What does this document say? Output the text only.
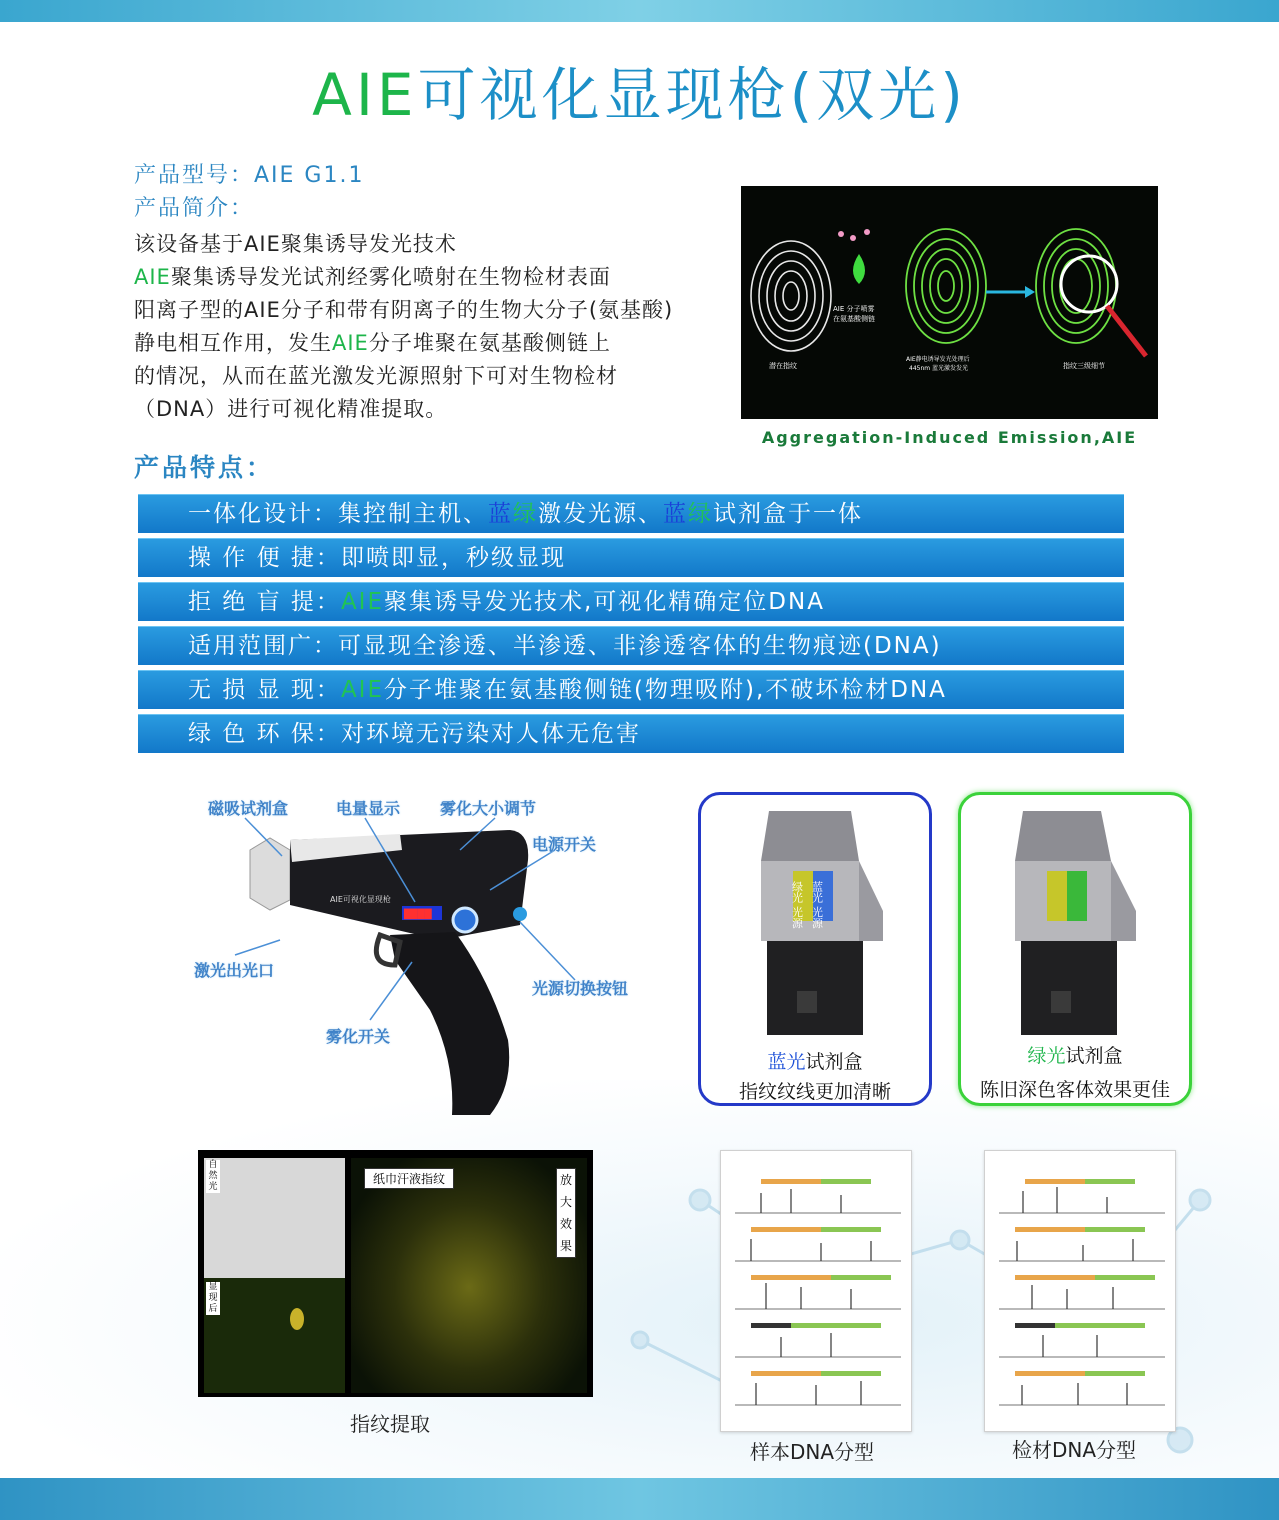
AIE可视化显现枪(双光)
产品型号：AIE G1.1
产品简介：

该设备基于AIE聚集诱导发光技术

AIE聚集诱导发光试剂经雾化喷射在生物检材表面

阳离子型的AIE分子和带有阴离子的生物大分子(氨基酸)

静电相互作用，发生AIE分子堆聚在氨基酸侧链上

的情况，从而在蓝光激发光源照射下可对生物检材

（DNA）进行可视化精准提取。

AIE 分子喷雾
在氨基酸侧链
潜在指纹
AIE静电诱导发光处理后
445nm 蓝光激发发光	指纹三级细节
Aggregation-Induced Emission,AIE
产品特点：
一体化设计：集控制主机、蓝绿激发光源、蓝绿试剂盒于一体
操 作 便 捷：即喷即显，秒级显现
拒 绝 盲 提：AIE聚集诱导发光技术,可视化精确定位DNA
适用范围广：可显现全渗透、半渗透、非渗透客体的生物痕迹(DNA)
无 损 显 现：AIE分子堆聚在氨基酸侧链(物理吸附),不破坏检材DNA
绿 色 环 保：对环境无污染对人体无危害
████
AIE可视化显现枪
磁吸试剂盒	电量显示 雾化大小调节
电源开关
激光出光口
光源切换按钮
雾化开关
蓝光 光源
绿光 光源
蓝光试剂盒
指纹纹线更加清晰
绿光试剂盒
陈旧深色客体效果更佳
自然光
显现后
纸巾汗液指纹	放大效果
指纹提取
样本DNA分型	检材DNA分型
